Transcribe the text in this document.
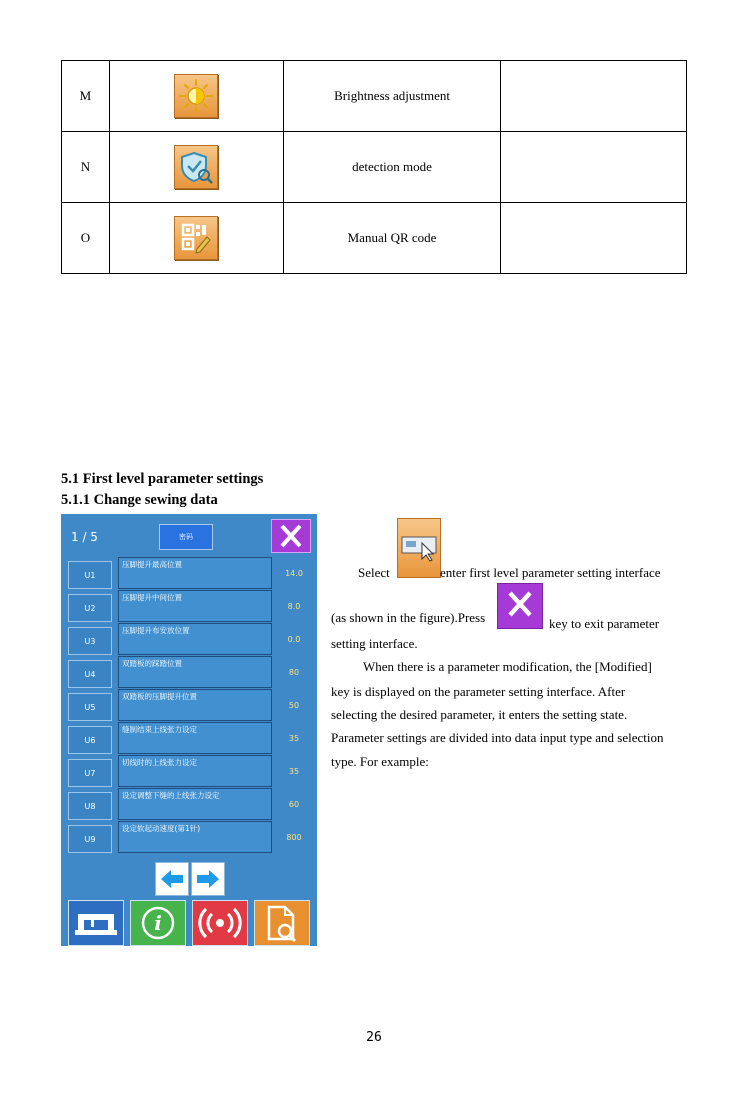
M		Brightness adjustment	
N		detection mode	
O		Manual QR code	
5.1 First level parameter settings
5.1.1 Change sewing data
1 / 5	密码
U1
压脚提升最高位置
14.0
U2
压脚提升中间位置
8.0
U3
压脚提升布安放位置
0.0
U4
双踏板的踩踏位置
80
U5
双踏板的压脚提升位置
50
U6
缝制结束上线张力设定
35
U7
切线时的上线张力设定
35
U8
设定调整下缝的上线张力设定
60
U9
设定软起动速度(第1针)
800
i
Select	enter first level parameter setting interface
(as shown in the figure).Press	key to exit parameter
setting interface.
When there is a parameter modification, the [Modified]
key is displayed on the parameter setting interface. After
selecting the desired parameter, it enters the setting state.
Parameter settings are divided into data input type and selection
type. For example:
26
